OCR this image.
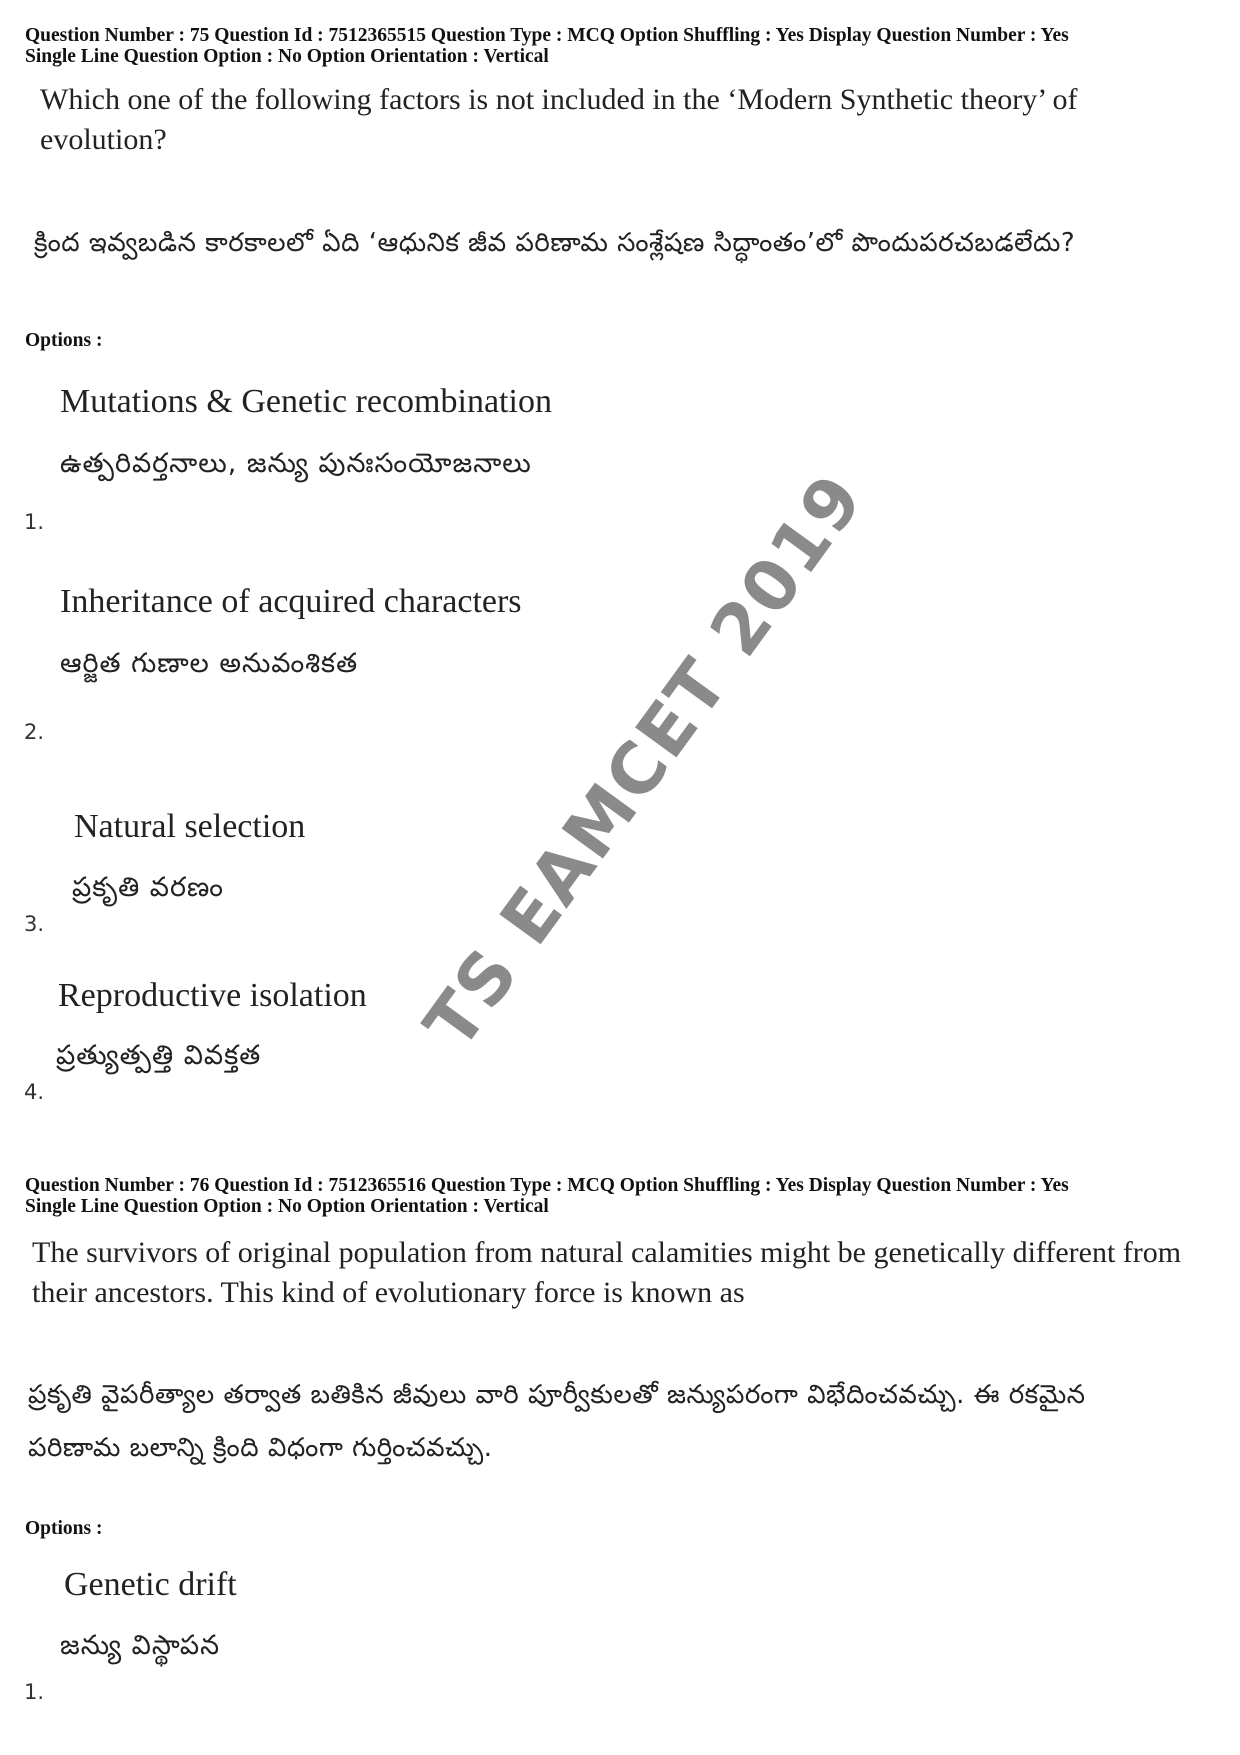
Question Number : 75 Question Id : 7512365515 Question Type : MCQ Option Shuffling : Yes Display Question Number : Yes
Single Line Question Option : No Option Orientation : Vertical
Which one of the following factors is not included in the ‘Modern Synthetic theory’ of evolution?
క్రింద ఇవ్వబడిన కారకాలలో ఏది ‘ఆధునిక జీవ పరిణామ సంశ్లేషణ సిద్ధాంతం’లో పొందుపరచబడలేదు?
Options :
Mutations & Genetic recombination
ఉత్పరివర్తనాలు, జన్యు పునఃసంయోజనాలు
1.
Inheritance of acquired characters
ఆర్జిత గుణాల అనువంశికత
2.
Natural selection
ప్రకృతి వరణం
3.
Reproductive isolation
ప్రత్యుత్పత్తి వివక్తత
4.
Question Number : 76 Question Id : 7512365516 Question Type : MCQ Option Shuffling : Yes Display Question Number : Yes
Single Line Question Option : No Option Orientation : Vertical
The survivors of original population from natural calamities might be genetically different from their ancestors. This kind of evolutionary force is known as
ప్రకృతి వైపరీత్యాల తర్వాత బతికిన జీవులు వారి పూర్వీకులతో జన్యుపరంగా విభేదించవచ్చు. ఈ రకమైన
పరిణామ బలాన్ని క్రింది విధంగా గుర్తించవచ్చు.
Options :
Genetic drift
జన్యు విస్థాపన
1.
TS EAMCET 2019
